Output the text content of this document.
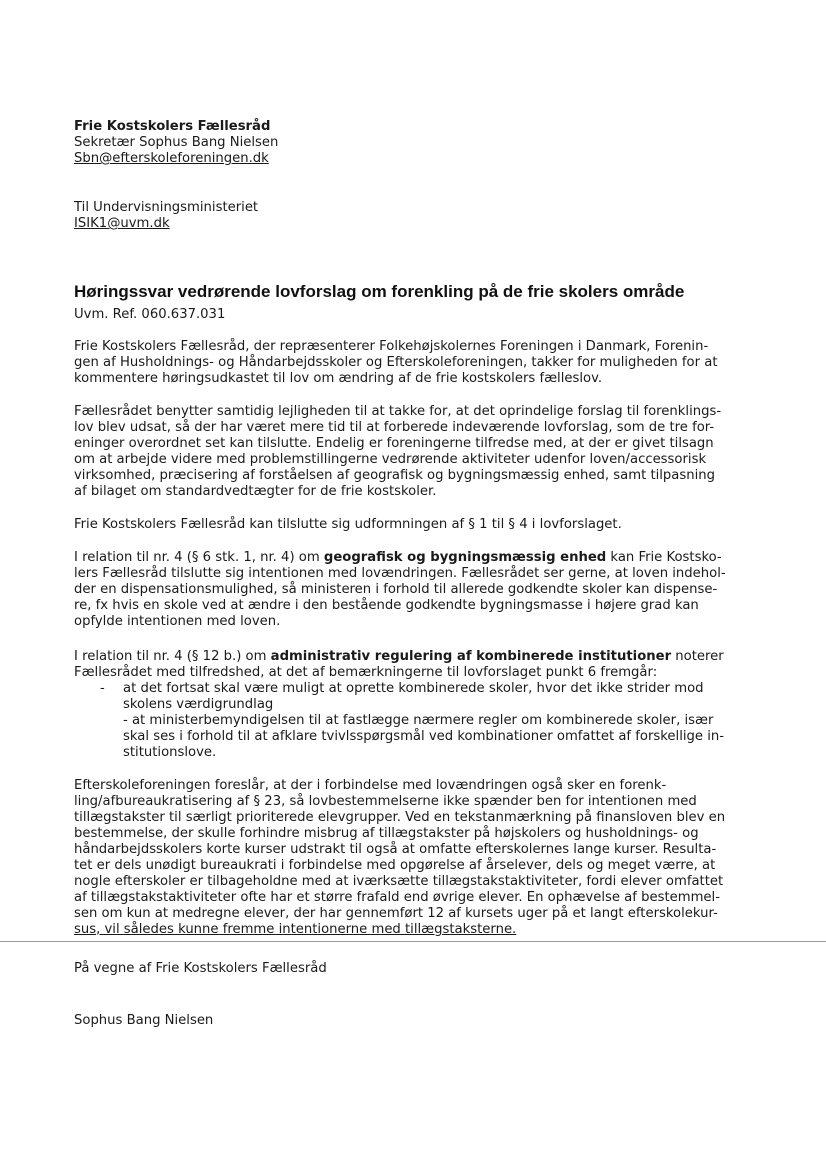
Frie Kostskolers Fællesråd
Sekretær Sophus Bang Nielsen
Sbn@efterskoleforeningen.dk
Til Undervisningsministeriet
ISIK1@uvm.dk
Høringssvar vedrørende lovforslag om forenkling på de frie skolers område
Uvm. Ref. 060.637.031
Frie Kostskolers Fællesråd, der repræsenterer Folkehøjskolernes Foreningen i Danmark, Forenin-
gen af Husholdnings- og Håndarbejdsskoler og Efterskoleforeningen, takker for muligheden for at
kommentere høringsudkastet til lov om ændring af de frie kostskolers fælleslov.
Fællesrådet benytter samtidig lejligheden til at takke for, at det oprindelige forslag til forenklings-
lov blev udsat, så der har været mere tid til at forberede indeværende lovforslag, som de tre for-
eninger overordnet set kan tilslutte. Endelig er foreningerne tilfredse med, at der er givet tilsagn
om at arbejde videre med problemstillingerne vedrørende aktiviteter udenfor loven/accessorisk
virksomhed, præcisering af forståelsen af geografisk og bygningsmæssig enhed, samt tilpasning
af bilaget om standardvedtægter for de frie kostskoler.
Frie Kostskolers Fællesråd kan tilslutte sig udformningen af § 1 til § 4 i lovforslaget.
I relation til nr. 4 (§ 6 stk. 1, nr. 4) om geografisk og bygningsmæssig enhed kan Frie Kostsko-
lers Fællesråd tilslutte sig intentionen med lovændringen. Fællesrådet ser gerne, at loven indehol-
der en dispensationsmulighed, så ministeren i forhold til allerede godkendte skoler kan dispense-
re, fx hvis en skole ved at ændre i den bestående godkendte bygningsmasse i højere grad kan
opfylde intentionen med loven.
I relation til nr. 4 (§ 12 b.) om administrativ regulering af kombinerede institutioner noterer
Fællesrådet med tilfredshed, at det af bemærkningerne til lovforslaget punkt 6 fremgår:
- at det fortsat skal være muligt at oprette kombinerede skoler, hvor det ikke strider mod
skolens værdigrundlag
- at ministerbemyndigelsen til at fastlægge nærmere regler om kombinerede skoler, især
skal ses i forhold til at afklare tvivlsspørgsmål ved kombinationer omfattet af forskellige in-
stitutionslove.
Efterskoleforeningen foreslår, at der i forbindelse med lovændringen også sker en forenk-
ling/afbureaukratisering af § 23, så lovbestemmelserne ikke spænder ben for intentionen med
tillægstakster til særligt prioriterede elevgrupper. Ved en tekstanmærkning på finansloven blev en
bestemmelse, der skulle forhindre misbrug af tillægstakster på højskolers og husholdnings- og
håndarbejdsskolers korte kurser udstrakt til også at omfatte efterskolernes lange kurser. Resulta-
tet er dels unødigt bureaukrati i forbindelse med opgørelse af årselever, dels og meget værre, at
nogle efterskoler er tilbageholdne med at iværksætte tillægstakstaktiviteter, fordi elever omfattet
af tillægstakstaktiviteter ofte har et større frafald end øvrige elever. En ophævelse af bestemmel-
sen om kun at medregne elever, der har gennemført 12 af kursets uger på et langt efterskolekur-
sus, vil således kunne fremme intentionerne med tillægstaksterne.
På vegne af Frie Kostskolers Fællesråd
Sophus Bang Nielsen
